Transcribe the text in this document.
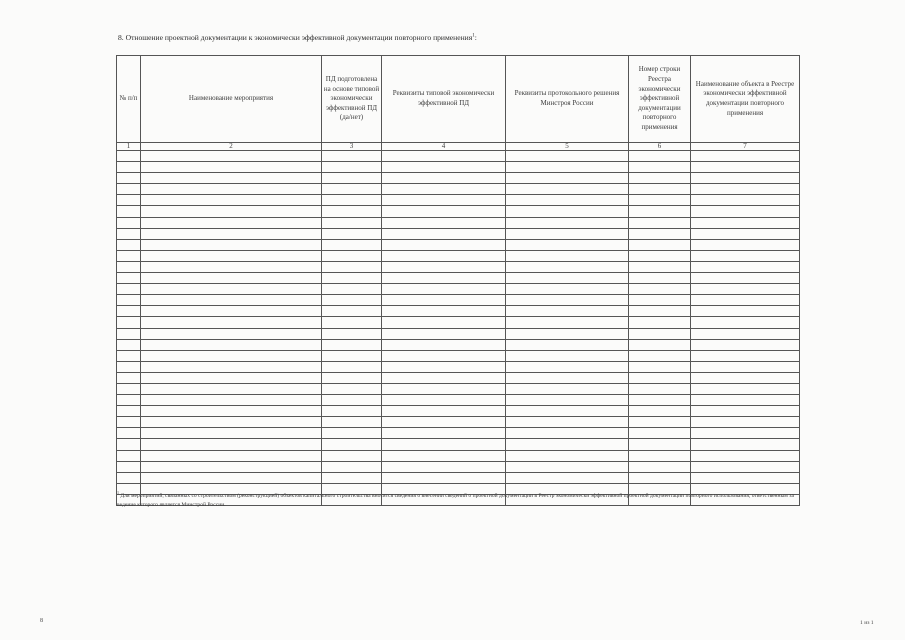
8. Отношение проектной документации к экономически эффективной документации повторного применения$^1$:
№ п/п	Наименование мероприятия	ПД подготовлена на основе типовой экономически эффективной ПД (да/нет)	Реквизиты типовой экономически эффективной ПД	Реквизиты протокольного решения Минстроя России	Номер строки Реестра экономически эффективной документации повторного применения	Наименование объекта в Реестре экономически эффективной документации повторного применения
1	2	3	4	5	6	7

$^1$ Для мероприятий, связанных со строительством (реконструкцией) объектов капитального строительства вносятся сведения о внесении сведений о проектной документации в Реестр экономически эффективной проектной документации повторного использования, ответственным за ведение которого является Минстрой России.
8	1 из 1
